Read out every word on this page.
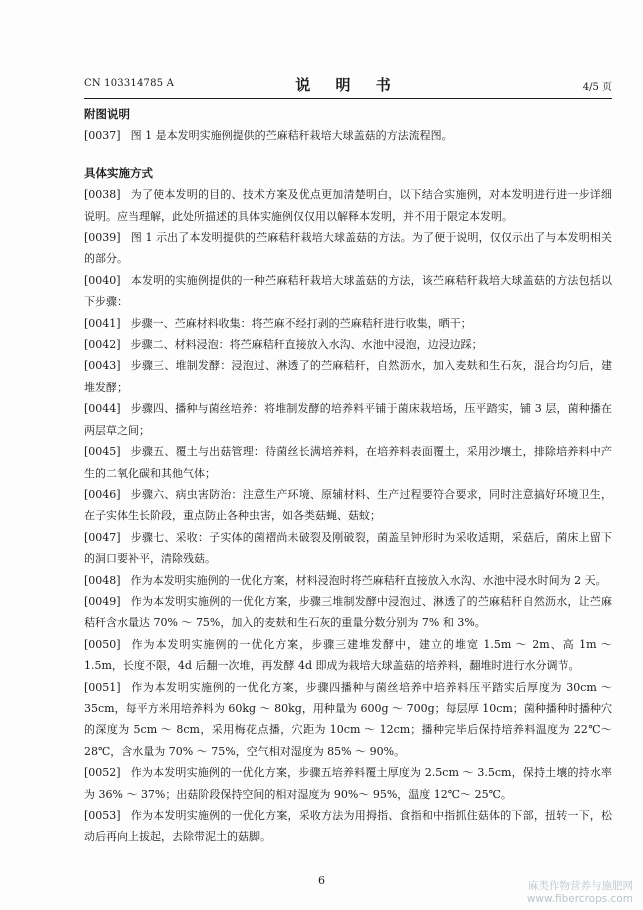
CN 103314785 A	说 明 书	4/5 页
附图说明

[0037] 图 1 是本发明实施例提供的苎麻秸秆栽培大球盖菇的方法流程图。

具体实施方式

[0038] 为了使本发明的目的、技术方案及优点更加清楚明白，以下结合实施例，对本发明进行进一步详细说明。应当理解，此处所描述的具体实施例仅仅用以解释本发明，并不用于限定本发明。

[0039] 图 1 示出了本发明提供的苎麻秸秆栽培大球盖菇的方法。为了便于说明，仅仅示出了与本发明相关的部分。

[0040] 本发明的实施例提供的一种苎麻秸秆栽培大球盖菇的方法，该苎麻秸秆栽培大球盖菇的方法包括以下步骤：

[0041] 步骤一、苎麻材料收集：将苎麻不经打剥的苎麻秸秆进行收集，晒干；

[0042] 步骤二、材料浸泡：将苎麻秸秆直接放入水沟、水池中浸泡，边浸边踩；

[0043] 步骤三、堆制发酵：浸泡过、淋透了的苎麻秸秆，自然沥水，加入麦麸和生石灰，混合均匀后，建堆发酵；

[0044] 步骤四、播种与菌丝培养：将堆制发酵的培养料平铺于菌床栽培场，压平踏实，铺 3 层，菌种播在两层草之间；

[0045] 步骤五、覆土与出菇管理：待菌丝长满培养料，在培养料表面覆土，采用沙壤土，排除培养料中产生的二氧化碳和其他气体；

[0046] 步骤六、病虫害防治：注意生产环境、原辅材料、生产过程要符合要求，同时注意搞好环境卫生，在子实体生长阶段，重点防止各种虫害，如各类菇蝇、菇蚊；

[0047] 步骤七、采收：子实体的菌褶尚未破裂及刚破裂，菌盖呈钟形时为采收适期，采菇后，菌床上留下的洞口要补平，清除残菇。

[0048] 作为本发明实施例的一优化方案，材料浸泡时将苎麻秸秆直接放入水沟、水池中浸水时间为 2 天。

[0049] 作为本发明实施例的一优化方案，步骤三堆制发酵中浸泡过、淋透了的苎麻秸秆自然沥水，让苎麻秸秆含水量达 70% ～ 75%，加入的麦麸和生石灰的重量分数分别为 7% 和 3%。

[0050] 作为本发明实施例的一优化方案，步骤三建堆发酵中，建立的堆宽 1.5m ～ 2m、高 1m ～ 1.5m，长度不限，4d 后翻一次堆，再发酵 4d 即成为栽培大球盖菇的培养料，翻堆时进行水分调节。

[0051] 作为本发明实施例的一优化方案，步骤四播种与菌丝培养中培养料压平踏实后厚度为 30cm ～ 35cm，每平方米用培养料为 60kg ～ 80kg，用种量为 600g ～ 700g；每层厚 10cm；菌种播种时播种穴的深度为 5cm ～ 8cm，采用梅花点播，穴距为 10cm ～ 12cm；播种完毕后保持培养料温度为 22℃～ 28℃，含水量为 70% ～ 75%，空气相对湿度为 85% ～ 90%。

[0052] 作为本发明实施例的一优化方案，步骤五培养料覆土厚度为 2.5cm ～ 3.5cm，保持土壤的持水率为 36% ～ 37%；出菇阶段保持空间的相对湿度为 90%～ 95%，温度 12℃～ 25℃。

[0053] 作为本发明实施例的一优化方案，采收方法为用拇指、食指和中指抓住菇体的下部，扭转一下，松动后再向上拔起，去除带泥土的菇脚。

6	麻类作物营养与施肥网
www.fibercrops.com
